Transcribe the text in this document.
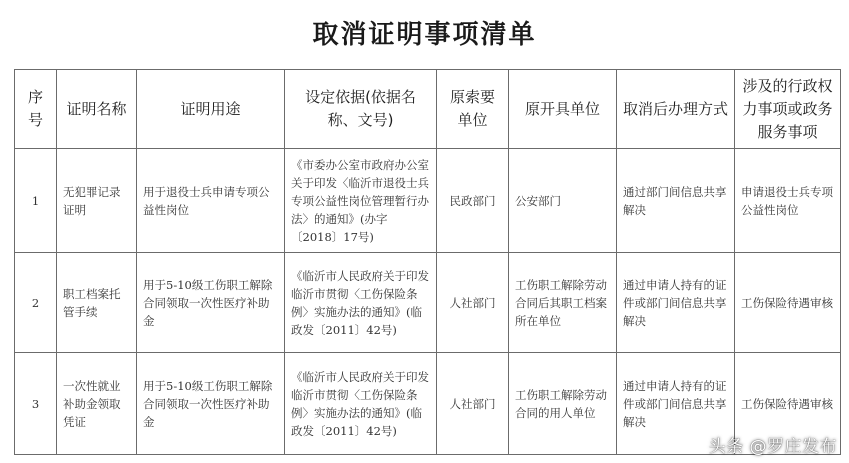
取消证明事项清单
序号	证明名称	证明用途	设定依据(依据名称、文号)	原索要单位	原开具单位	取消后办理方式	涉及的行政权力事项或政务服务事项
1	无犯罪记录证明	用于退役士兵申请专项公益性岗位	《市委办公室市政府办公室关于印发〈临沂市退役士兵专项公益性岗位管理暂行办法〉的通知》(办字〔2018〕17号)	民政部门	公安部门	通过部门间信息共享解决	申请退役士兵专项公益性岗位
2	职工档案托管手续	用于5-10级工伤职工解除合同领取一次性医疗补助金	《临沂市人民政府关于印发临沂市贯彻〈工伤保险条例〉实施办法的通知》(临政发〔2011〕42号)	人社部门	工伤职工解除劳动合同后其职工档案所在单位	通过申请人持有的证件或部门间信息共享解决	工伤保险待遇审核
3	一次性就业补助金领取凭证	用于5-10级工伤职工解除合同领取一次性医疗补助金	《临沂市人民政府关于印发临沂市贯彻〈工伤保险条例〉实施办法的通知》(临政发〔2011〕42号)	人社部门	工伤职工解除劳动合同的用人单位	通过申请人持有的证件或部门间信息共享解决	工伤保险待遇审核
头条 @罗庄发布
